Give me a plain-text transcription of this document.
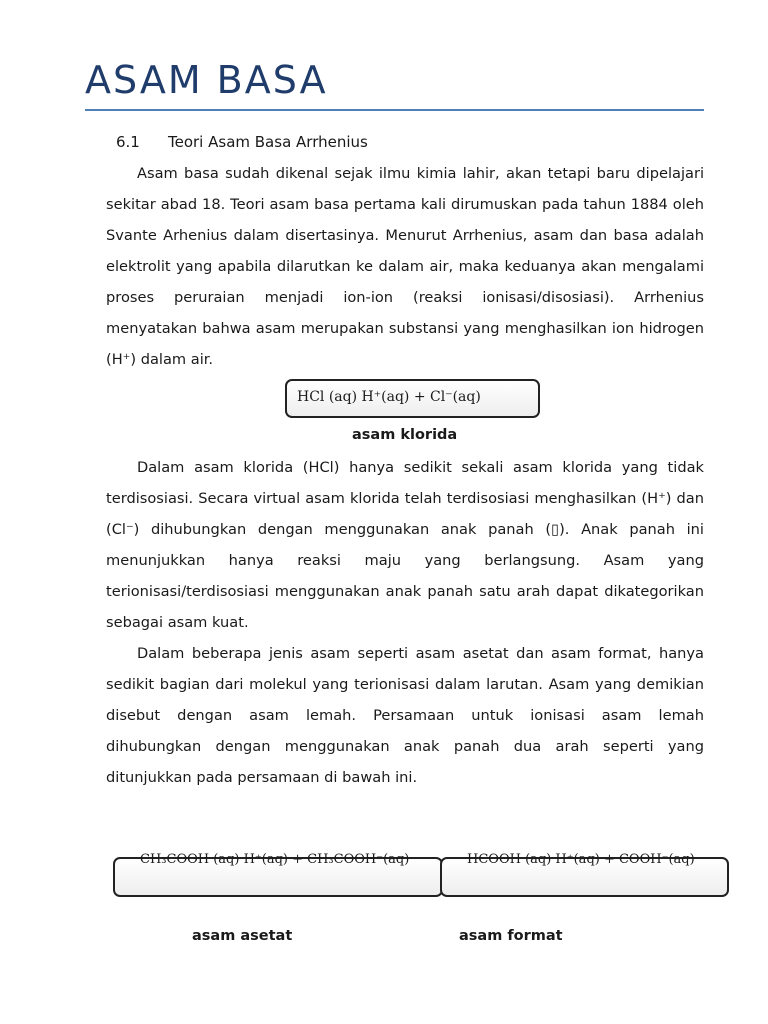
ASAM BASA
6.1 Teori Asam Basa Arrhenius

Asam basa sudah dikenal sejak ilmu kimia lahir, akan tetapi baru dipelajari sekitar abad 18. Teori asam basa pertama kali dirumuskan pada tahun 1884 oleh Svante Arhenius dalam disertasinya. Menurut Arrhenius, asam dan basa adalah elektrolit yang apabila dilarutkan ke dalam air, maka keduanya akan mengalami proses peruraian menjadi ion-ion (reaksi ionisasi/disosiasi). Arrhenius menyatakan bahwa asam merupakan substansi yang menghasilkan ion hidrogen (H⁺) dalam air.

HCl (aq) H⁺(aq) + Cl⁻(aq)
asam klorida

Dalam asam klorida (HCl) hanya sedikit sekali asam klorida yang tidak terdisosiasi. Secara virtual asam klorida telah terdisosiasi menghasilkan (H⁺) dan (Cl⁻) dihubungkan dengan menggunakan anak panah (▯). Anak panah ini menunjukkan hanya reaksi maju yang berlangsung. Asam yang terionisasi/terdisosiasi menggunakan anak panah satu arah dapat dikategorikan sebagai asam kuat.

Dalam beberapa jenis asam seperti asam asetat dan asam format, hanya sedikit bagian dari molekul yang terionisasi dalam larutan. Asam yang demikian disebut dengan asam lemah. Persamaan untuk ionisasi asam lemah dihubungkan dengan menggunakan anak panah dua arah seperti yang ditunjukkan pada persamaan di bawah ini.

CH₃COOH (aq) H⁺(aq) + CH₃COOH⁻(aq)	HCOOH (aq) H⁺(aq) + COOH⁻(aq)
asam asetat	asam format
